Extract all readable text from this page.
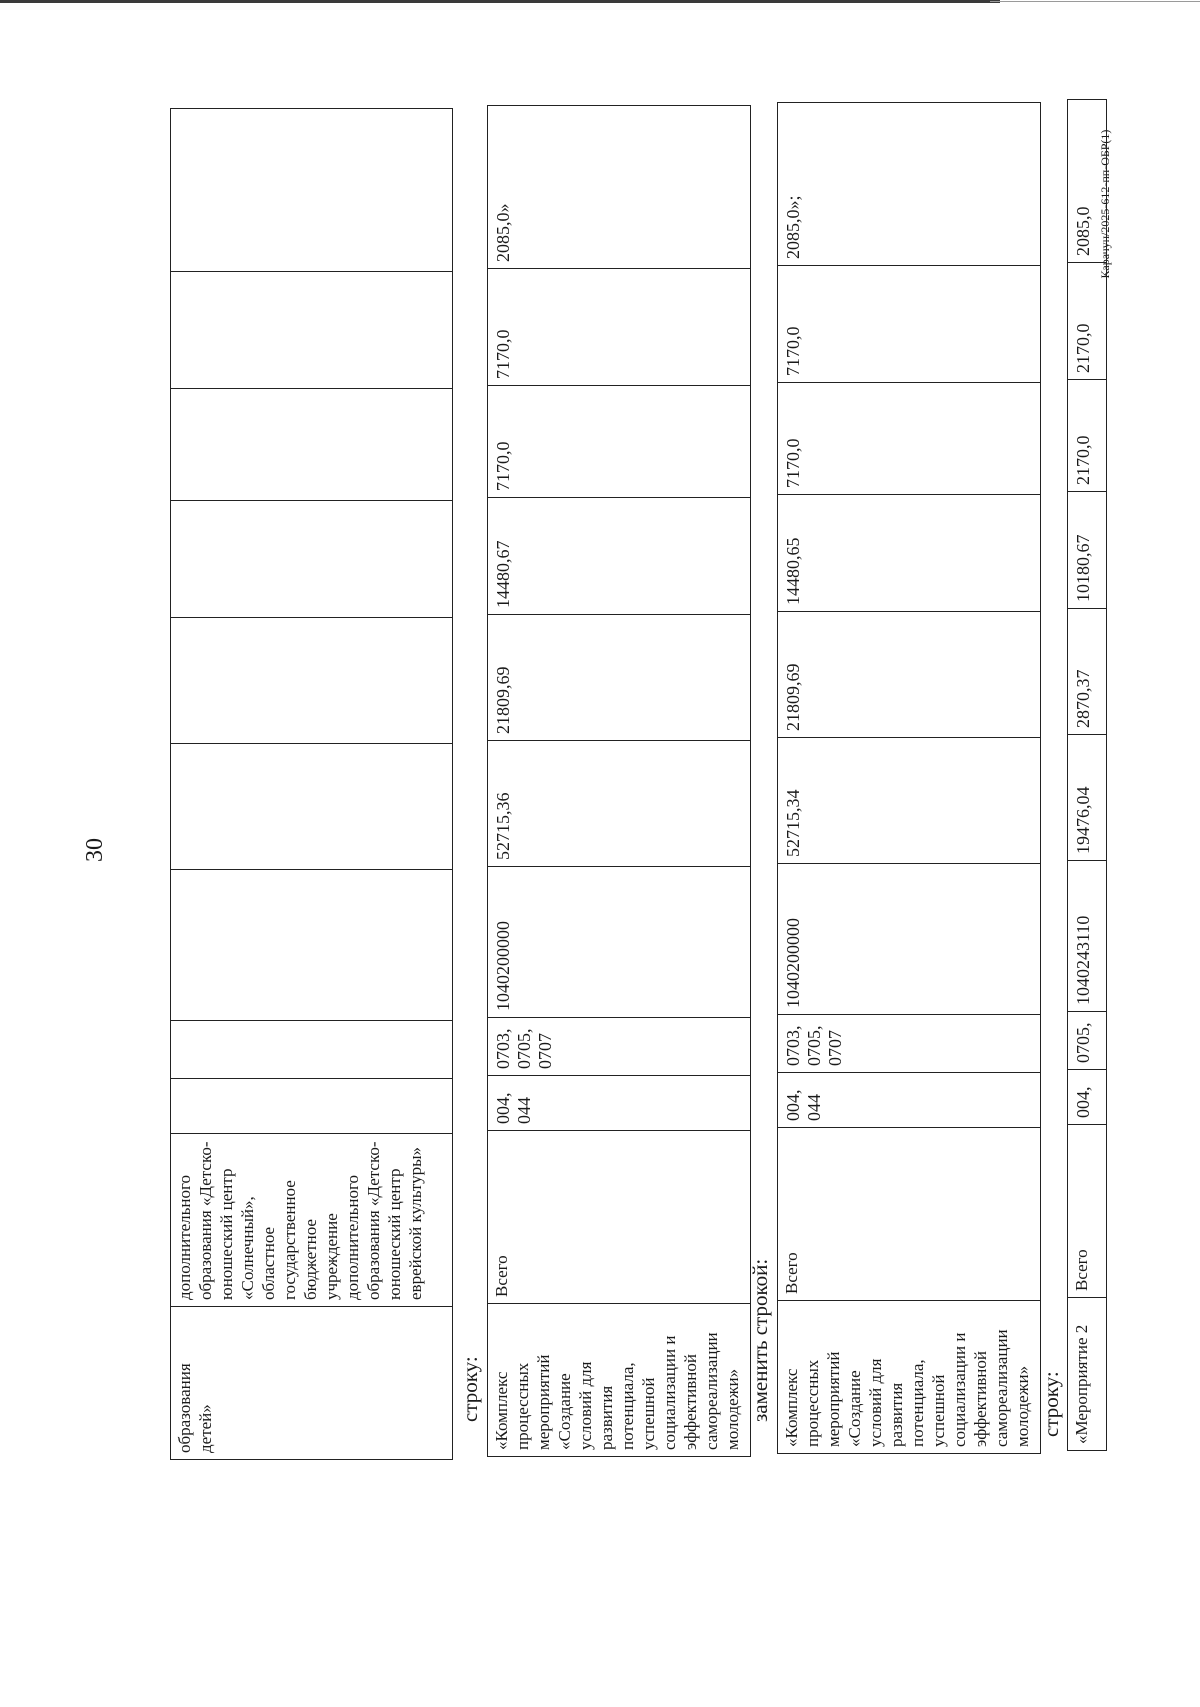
30
Карачун/2025-612-пп-ОБР(1)
образования детей»
дополнительного образования «Детско-юношеский центр «Солнечный», областное государственное бюджетное учреждение дополнительного образования «Детско-юношеский центр еврейской культуры»
строку: «Комплекс процессных мероприятий «Создание условий для развития потенциала, успешной социализации и эффективной самореализации молодежи»
Всего
004, 044
0703, 0705, 0707
1040200000
52715,36
21809,69
14480,67
7170,0
7170,0
2085,0»
заменить строкой: «Комплекс процессных мероприятий «Создание условий для развития потенциала, успешной социализации и эффективной самореализации молодежи»
Всего
004, 044
0703, 0705, 0707
1040200000
52715,34
21809,69
14480,65
7170,0
7170,0
2085,0»;
строку: «Мероприятие 2
Всего
004,
0705,
1040243110
19476,04
2870,37
10180,67
2170,0
2170,0
2085,0
